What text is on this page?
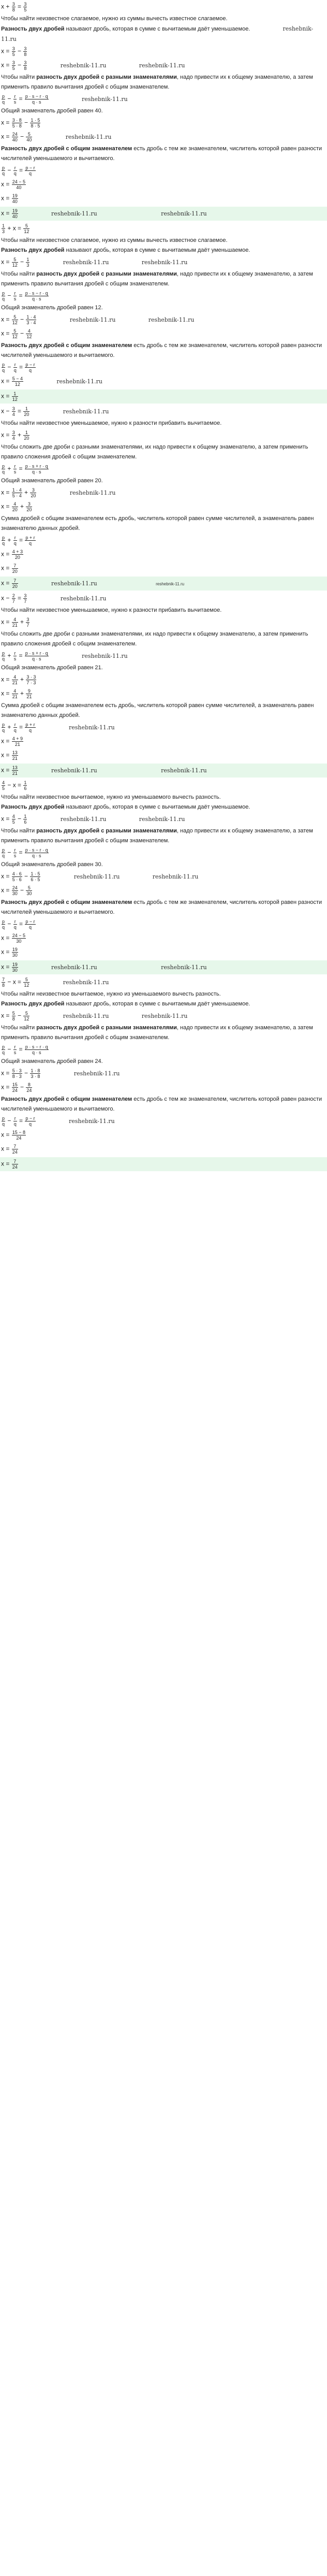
$x + \frac{3}{8} = \frac{3}{5}$
Чтобы найти неизвестное слагаемое, нужно из суммы вычесть известное слагаемое.
Разность двух дробей называют дробь, которая в сумме с вычитаемым даёт уменьшаемое.	reshebnik-11.ru
$x = \frac{3}{5} - \frac{3}{8}$
$x = \frac{3}{5} - \frac{3}{8}$	reshebnik-11.ru	reshebnik-11.ru
Чтобы найти разность двух дробей с разными знаменателями, надо привести их к общему знаменателю, а затем применить правило вычитания дробей с общим знаменателем.
$\frac{p}{q} - \frac{r}{s} = \frac{p \cdot s - r \cdot q}{q \cdot s}$	reshebnik-11.ru
Общий знаменатель дробей равен 40.
$x = \frac{3 \cdot 8}{5 \cdot 8} - \frac{1 \cdot 5}{8 \cdot 5}$
$x = \frac{24}{40} - \frac{5}{40}$	reshebnik-11.ru
Разность двух дробей с общим знаменателем есть дробь с тем же знаменателем, числитель которой равен разности числителей уменьшаемого и вычитаемого.
$\frac{p}{q} - \frac{r}{q} = \frac{p - r}{q}$
$x = \frac{24 - 5}{40}$
$x = \frac{19}{40}$
$x = \frac{19}{40}$	reshebnik-11.ru	reshebnik-11.ru
$\frac{1}{3} + x = \frac{5}{12}$
Чтобы найти неизвестное слагаемое, нужно из суммы вычесть известное слагаемое.
Разность двух дробей называют дробь, которая в сумме с вычитаемым даёт уменьшаемое.
$x = \frac{5}{12} - \frac{1}{3}$	reshebnik-11.ru	reshebnik-11.ru
Чтобы найти разность двух дробей с разными знаменателями, надо привести их к общему знаменателю, а затем применить правило вычитания дробей с общим знаменателем.
$\frac{p}{q} - \frac{r}{s} = \frac{p \cdot s - r \cdot q}{q \cdot s}$
Общий знаменатель дробей равен 12.
$x = \frac{5}{12} - \frac{1 \cdot 4}{3 \cdot 4}$	reshebnik-11.ru	reshebnik-11.ru
$x = \frac{5}{12} - \frac{4}{12}$
Разность двух дробей с общим знаменателем есть дробь с тем же знаменателем, числитель которой равен разности числителей уменьшаемого и вычитаемого.
$\frac{p}{q} - \frac{r}{q} = \frac{p - r}{q}$
$x = \frac{5 - 4}{12}$	reshebnik-11.ru
$x = \frac{1}{12}$
$x - \frac{3}{4} = \frac{1}{20}$	reshebnik-11.ru
Чтобы найти неизвестное уменьшаемое, нужно к разности прибавить вычитаемое.
$x = \frac{3}{4} + \frac{1}{20}$
Чтобы сложить две дроби с разными знаменателями, их надо привести к общему знаменателю, а затем применить правило сложения дробей с общим знаменателем.
$\frac{p}{q} + \frac{r}{s} = \frac{p \cdot s + r \cdot q}{q \cdot s}$
Общий знаменатель дробей равен 20.
$x = \frac{1 \cdot 4}{5 \cdot 4} + \frac{3}{20}$	reshebnik-11.ru
$x = \frac{4}{20} + \frac{3}{20}$
Сумма дробей с общим знаменателем есть дробь, числитель которой равен сумме числителей, а знаменатель равен знаменателю данных дробей.
$\frac{p}{q} + \frac{r}{q} = \frac{p + r}{q}$
$x = \frac{4 + 3}{20}$
$x = \frac{7}{20}$
$x = \frac{7}{20}$	reshebnik-11.ru	reshebnik-11.ru
$x - \frac{2}{7} = \frac{3}{7}$	reshebnik-11.ru
Чтобы найти неизвестное уменьшаемое, нужно к разности прибавить вычитаемое.
$x = \frac{4}{21} + \frac{3}{7}$
Чтобы сложить две дроби с разными знаменателями, их надо привести к общему знаменателю, а затем применить правило сложения дробей с общим знаменателем.
$\frac{p}{q} + \frac{r}{s} = \frac{p \cdot s + r \cdot q}{q \cdot s}$	reshebnik-11.ru
Общий знаменатель дробей равен 21.
$x = \frac{4}{21} + \frac{3 \cdot 3}{7 \cdot 3}$
$x = \frac{4}{21} + \frac{9}{21}$
Сумма дробей с общим знаменателем есть дробь, числитель которой равен сумме числителей, а знаменатель равен знаменателю данных дробей.
$\frac{p}{q} + \frac{r}{q} = \frac{p + r}{q}$	reshebnik-11.ru
$x = \frac{4 + 9}{21}$
$x = \frac{13}{21}$
$x = \frac{13}{21}$	reshebnik-11.ru	reshebnik-11.ru
$\frac{4}{5} - x = \frac{1}{6}$
Чтобы найти неизвестное вычитаемое, нужно из уменьшаемого вычесть разность.
Разность двух дробей называют дробь, которая в сумме с вычитаемым даёт уменьшаемое.
$x = \frac{4}{5} - \frac{1}{6}$	reshebnik-11.ru	reshebnik-11.ru
Чтобы найти разность двух дробей с разными знаменателями, надо привести их к общему знаменателю, а затем применить правило вычитания дробей с общим знаменателем.
$\frac{p}{q} - \frac{r}{s} = \frac{p \cdot s - r \cdot q}{q \cdot s}$
Общий знаменатель дробей равен 30.
$x = \frac{4 \cdot 6}{5 \cdot 6} - \frac{1 \cdot 5}{6 \cdot 5}$	reshebnik-11.ru	reshebnik-11.ru
$x = \frac{24}{30} - \frac{5}{30}$
Разность двух дробей с общим знаменателем есть дробь с тем же знаменателем, числитель которой равен разности числителей уменьшаемого и вычитаемого.
$\frac{p}{q} - \frac{r}{q} = \frac{p - r}{q}$
$x = \frac{24 - 5}{30}$
$x = \frac{19}{30}$
$x = \frac{19}{30}$	reshebnik-11.ru	reshebnik-11.ru
$\frac{7}{8} - x = \frac{5}{12}$	reshebnik-11.ru
Чтобы найти неизвестное вычитаемое, нужно из уменьшаемого вычесть разность.
Разность двух дробей называют дробь, которая в сумме с вычитаемым даёт уменьшаемое.
$x = \frac{5}{8} - \frac{5}{12}$	reshebnik-11.ru	reshebnik-11.ru
Чтобы найти разность двух дробей с разными знаменателями, надо привести их к общему знаменателю, а затем применить правило вычитания дробей с общим знаменателем.
$\frac{p}{q} - \frac{r}{s} = \frac{p \cdot s - r \cdot q}{q \cdot s}$
Общий знаменатель дробей равен 24.
$x = \frac{5 \cdot 3}{8 \cdot 3} - \frac{1 \cdot 8}{3 \cdot 8}$	reshebnik-11.ru
$x = \frac{15}{24} - \frac{8}{24}$
Разность двух дробей с общим знаменателем есть дробь с тем же знаменателем, числитель которой равен разности числителей уменьшаемого и вычитаемого.
$\frac{p}{q} - \frac{r}{q} = \frac{p - r}{q}$	reshebnik-11.ru
$x = \frac{15 - 8}{24}$
$x = \frac{7}{24}$
$x = \frac{7}{24}$
